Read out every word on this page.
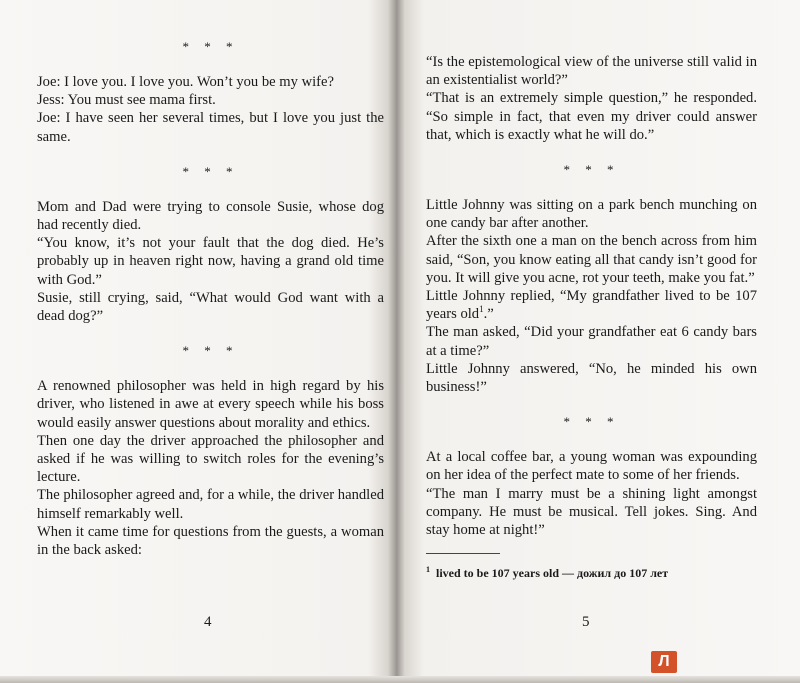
* * *

Joe: I love you. I love you. Won’t you be my wife?

Jess: You must see mama first.

Joe: I have seen her several times, but I love you just the same.

* * *

Mom and Dad were trying to console Susie, whose dog had recently died.

“You know, it’s not your fault that the dog died. He’s probably up in heaven right now, having a grand old time with God.”

Susie, still crying, said, “What would God want with a dead dog?”

* * *

A renowned philosopher was held in high regard by his driver, who listened in awe at every speech while his boss would easily answer questions about morality and ethics.

Then one day the driver approached the philosopher and asked if he was willing to switch roles for the evening’s lecture.

The philosopher agreed and, for a while, the driver handled himself remarkably well.

When it came time for questions from the guests, a woman in the back asked:

4

“Is the epistemological view of the universe still valid in an existentialist world?”

“That is an extremely simple question,” he responded. “So simple in fact, that even my driver could answer that, which is exactly what he will do.”

* * *

Little Johnny was sitting on a park bench munching on one candy bar after another.

After the sixth one a man on the bench across from him said, “Son, you know eating all that candy isn’t good for you. It will give you acne, rot your teeth, make you fat.”

Little Johnny replied, “My grandfather lived to be 107 years old$^1$.”

The man asked, “Did your grandfather eat 6 candy bars at a time?”

Little Johnny answered, “No, he minded his own business!”

* * *

At a local coffee bar, a young woman was expounding on her idea of the perfect mate to some of her friends.

“The man I marry must be a shining light amongst company. He must be musical. Tell jokes. Sing. And stay home at night!”

$^1$ lived to be 107 years old — дожил до 107 лет

5
Л
